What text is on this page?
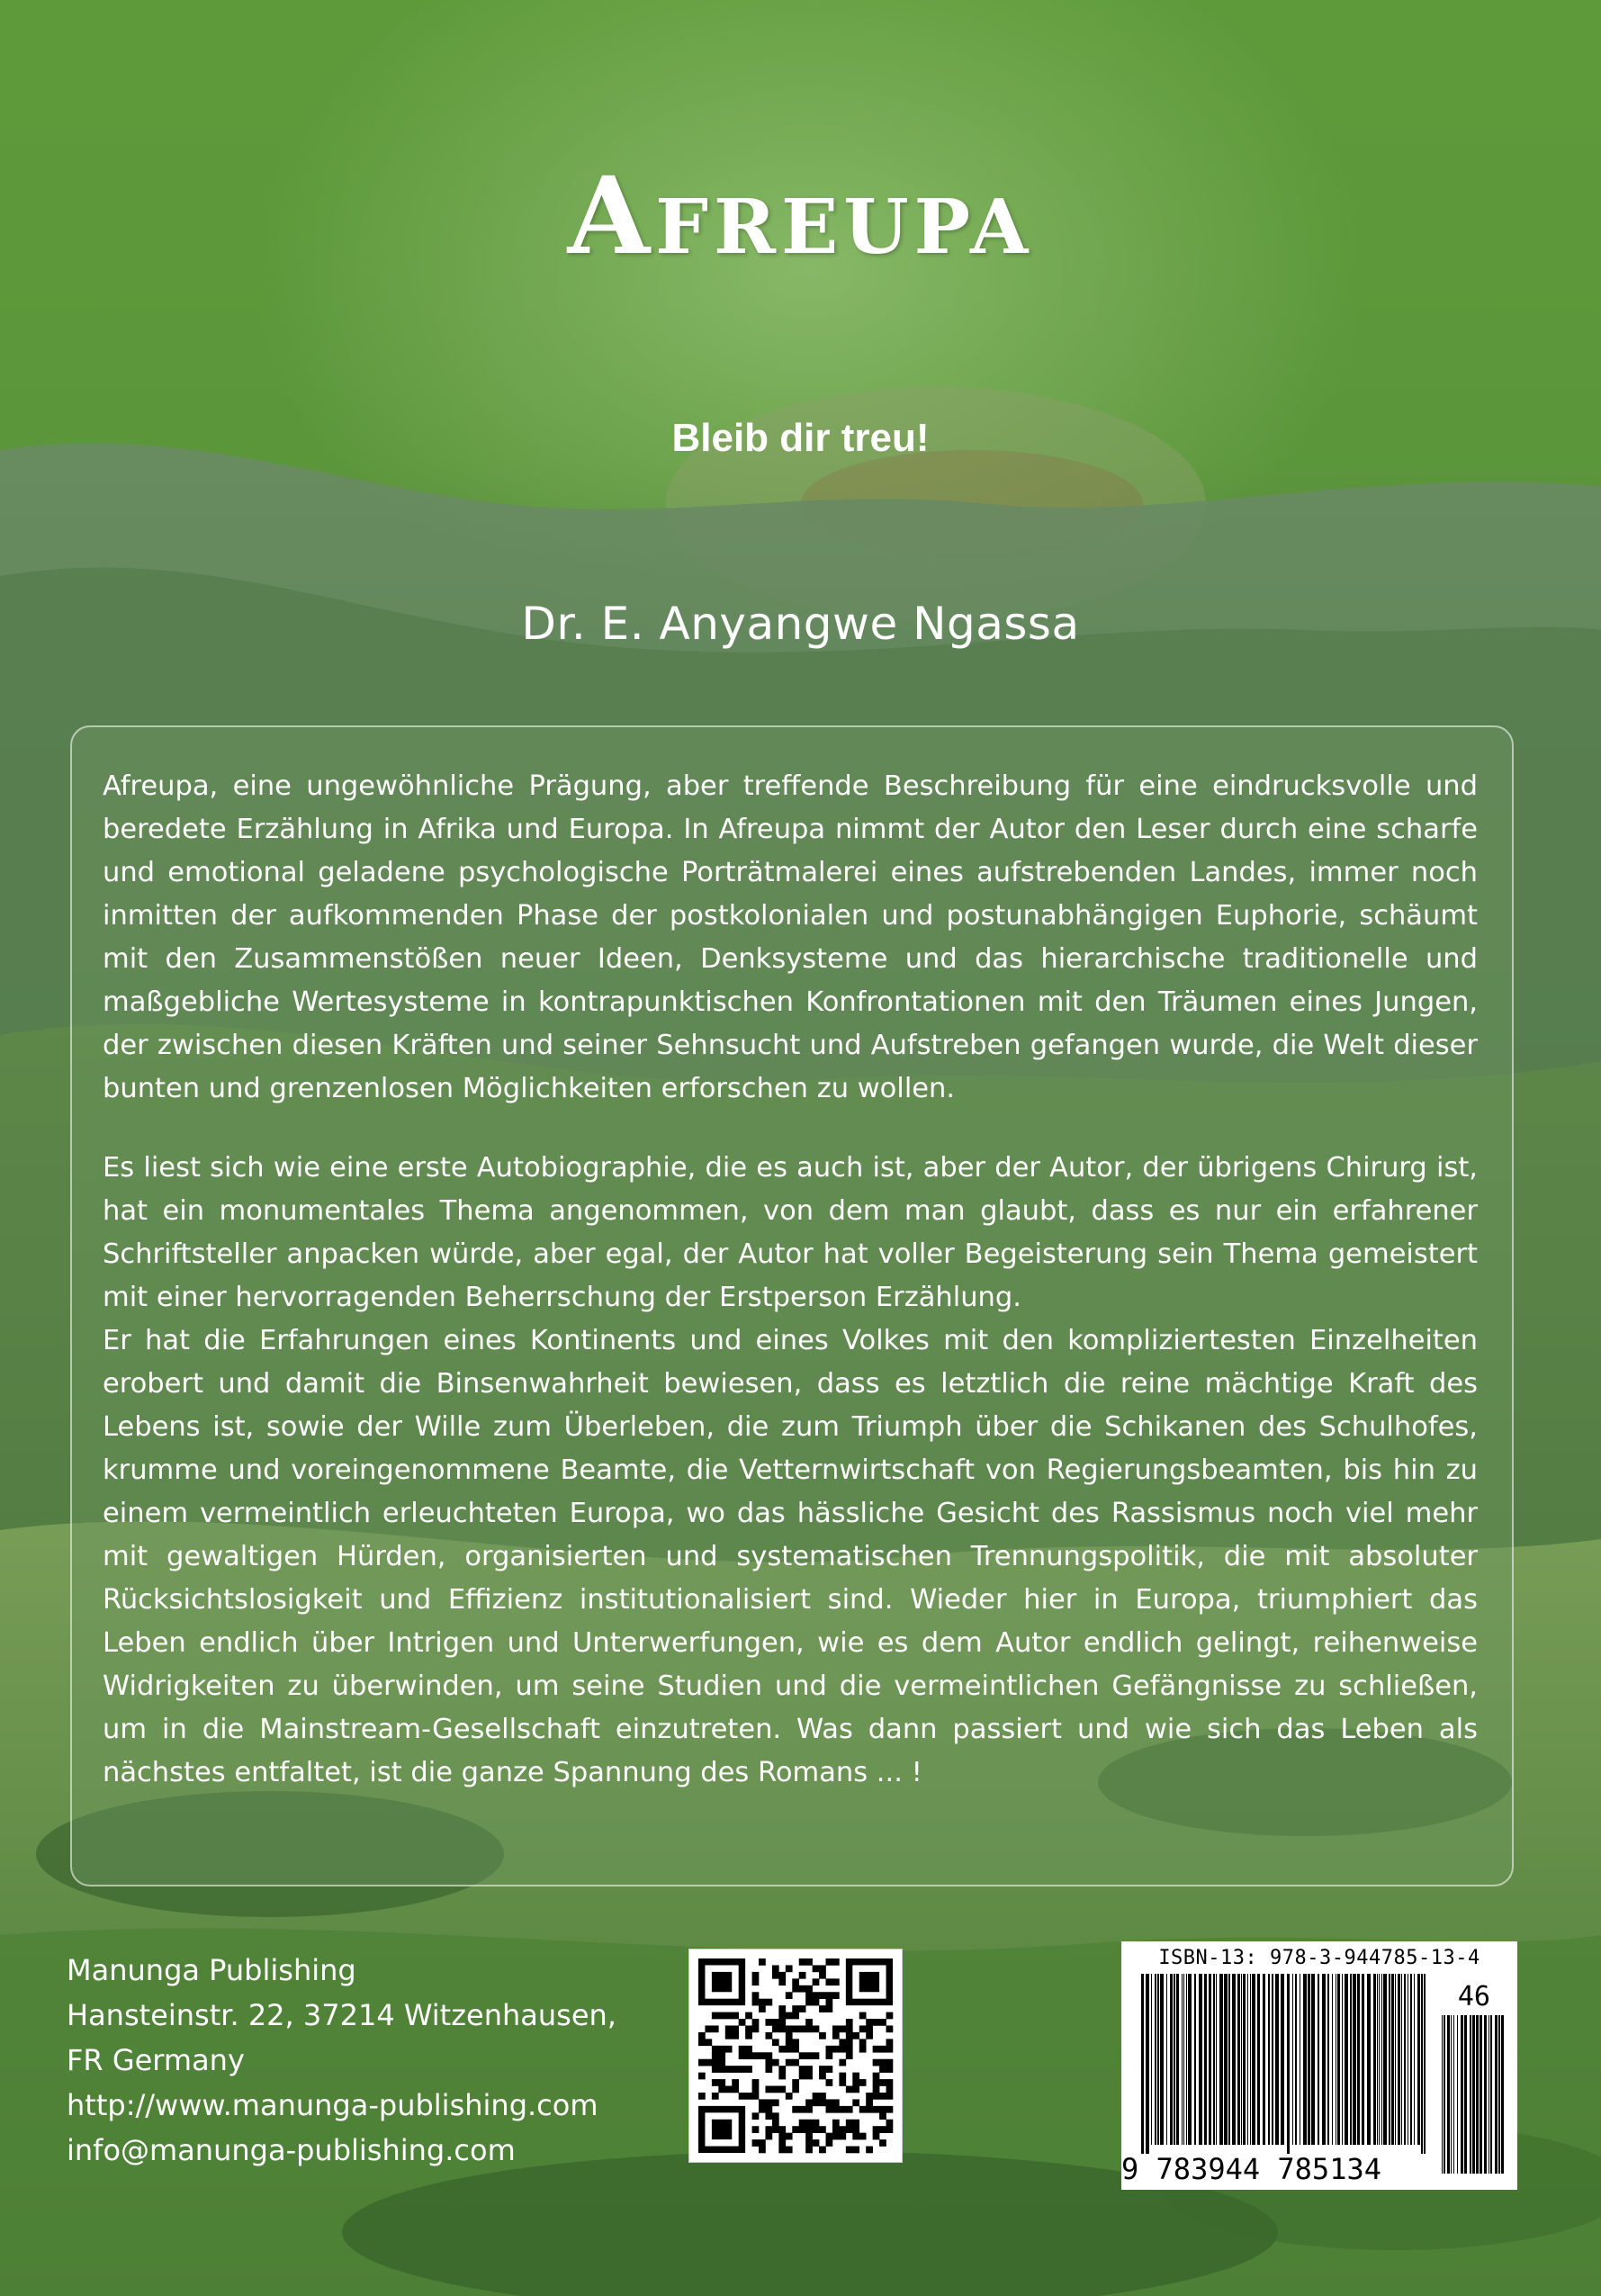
Afreupa
Bleib dir treu!
Dr. E. Anyangwe Ngassa

Afreupa, eine ungewöhnliche Prägung, aber treffende Beschreibung für eine eindrucksvolle und beredete Erzählung in Afrika und Europa. In Afreupa nimmt der Autor den Leser durch eine scharfe und emotional geladene psychologische Porträtmalerei eines aufstrebenden Landes, immer noch inmitten der aufkommenden Phase der postkolonialen und postunabhängigen Euphorie, schäumt mit den Zusammenstößen neuer Ideen, Denksysteme und das hierarchische traditionelle und maßgebliche Wertesysteme in kontrapunktischen Konfrontationen mit den Träumen eines Jungen, der zwischen diesen Kräften und seiner Sehnsucht und Aufstreben gefangen wurde, die Welt dieser bunten und grenzenlosen Möglichkeiten erforschen zu wollen.

Es liest sich wie eine erste Autobiographie, die es auch ist, aber der Autor, der übrigens Chirurg ist, hat ein monumentales Thema angenommen, von dem man glaubt, dass es nur ein erfahrener Schriftsteller anpacken würde, aber egal, der Autor hat voller Begeisterung sein Thema gemeistert mit einer hervorragenden Beherrschung der Erstperson Erzählung.

Er hat die Erfahrungen eines Kontinents und eines Volkes mit den kompliziertesten Einzelheiten erobert und damit die Binsenwahrheit bewiesen, dass es letztlich die reine mächtige Kraft des Lebens ist, sowie der Wille zum Überleben, die zum Triumph über die Schikanen des Schulhofes, krumme und voreingenommene Beamte, die Vetternwirtschaft von Regierungsbeamten, bis hin zu einem vermeintlich erleuchteten Europa, wo das hässliche Gesicht des Rassismus noch viel mehr mit gewaltigen Hürden, organisierten und systematischen Trennungspolitik, die mit absoluter Rücksichtslosigkeit und Effizienz institutionalisiert sind. Wieder hier in Europa, triumphiert das Leben endlich über Intrigen und Unterwerfungen, wie es dem Autor endlich gelingt, reihenweise Widrigkeiten zu überwinden, um seine Studien und die vermeintlichen Gefängnisse zu schließen, um in die Mainstream-Gesellschaft einzutreten. Was dann passiert und wie sich das Leben als nächstes entfaltet, ist die ganze Spannung des Romans ... !

Manunga Publishing
Hansteinstr. 22, 37214 Witzenhausen,
FR Germany
http://www.manunga-publishing.com
info@manunga-publishing.com
ISBN-13: 978-3-944785-13-4
46
9 783944 785134
